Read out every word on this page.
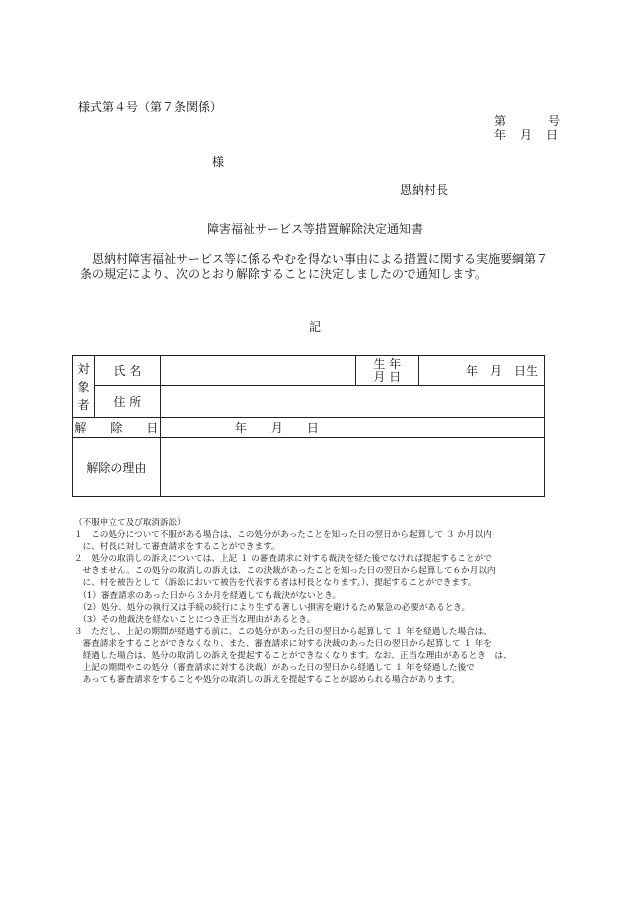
様式第４号（第７条関係）
第	号
年 月 日
様
恩納村長
障害福祉サービス等措置解除決定通知書
恩納村障害福祉サービス等に係るやむを得ない事由による措置に関する実施要綱第７条の規定により、次のとおり解除することに決定しましたので通知します。
記
対象者	氏 名		生 年
月 日	年　月　日生
	住 所			
解　　除　　日		年　　月　　日		
解除の理由				

（不服申立て及び取消訴訟）

１　この処分について不服がある場合は、この処分があったことを知った日の翌日から起算して ３ か月以内

　に、村長に対して審査請求をすることができます。

２　処分の取消しの訴えについては、上記 １ の審査請求に対する裁決を経た後でなければ提起することがで

　せきません。この処分の取消しの訴えは、この決裁があったことを知った日の翌日から起算して６か月以内

　に、村を被告として（訴訟において被告を代表する者は村長となります。）、提起することができます。

　（1）審査請求のあった日から３か月を経過しても裁決がないとき。

　（2）処分、処分の執行又は手続の続行により生ずる著しい損害を避けるため緊急の必要があるとき。

　（3）その他裁決を経ないことにつき正当な理由があるとき。

３　ただし、上記の期間が経過する前に、この処分があった日の翌日から起算して １ 年を経過した場合は、

　審査請求をすることができなくなり、また、審査請求に対する決裁のあった日の翌日から起算して １ 年を

　経過した場合は、処分の取消しの訴えを提起することができなくなります。なお、正当な理由があるとき　は、

　上記の期間やこの処分（審査請求に対する決裁）があった日の翌日から経過して １ 年を経過した後で

　あっても審査請求をすることや処分の取消しの訴えを提起することが認められる場合があります。
